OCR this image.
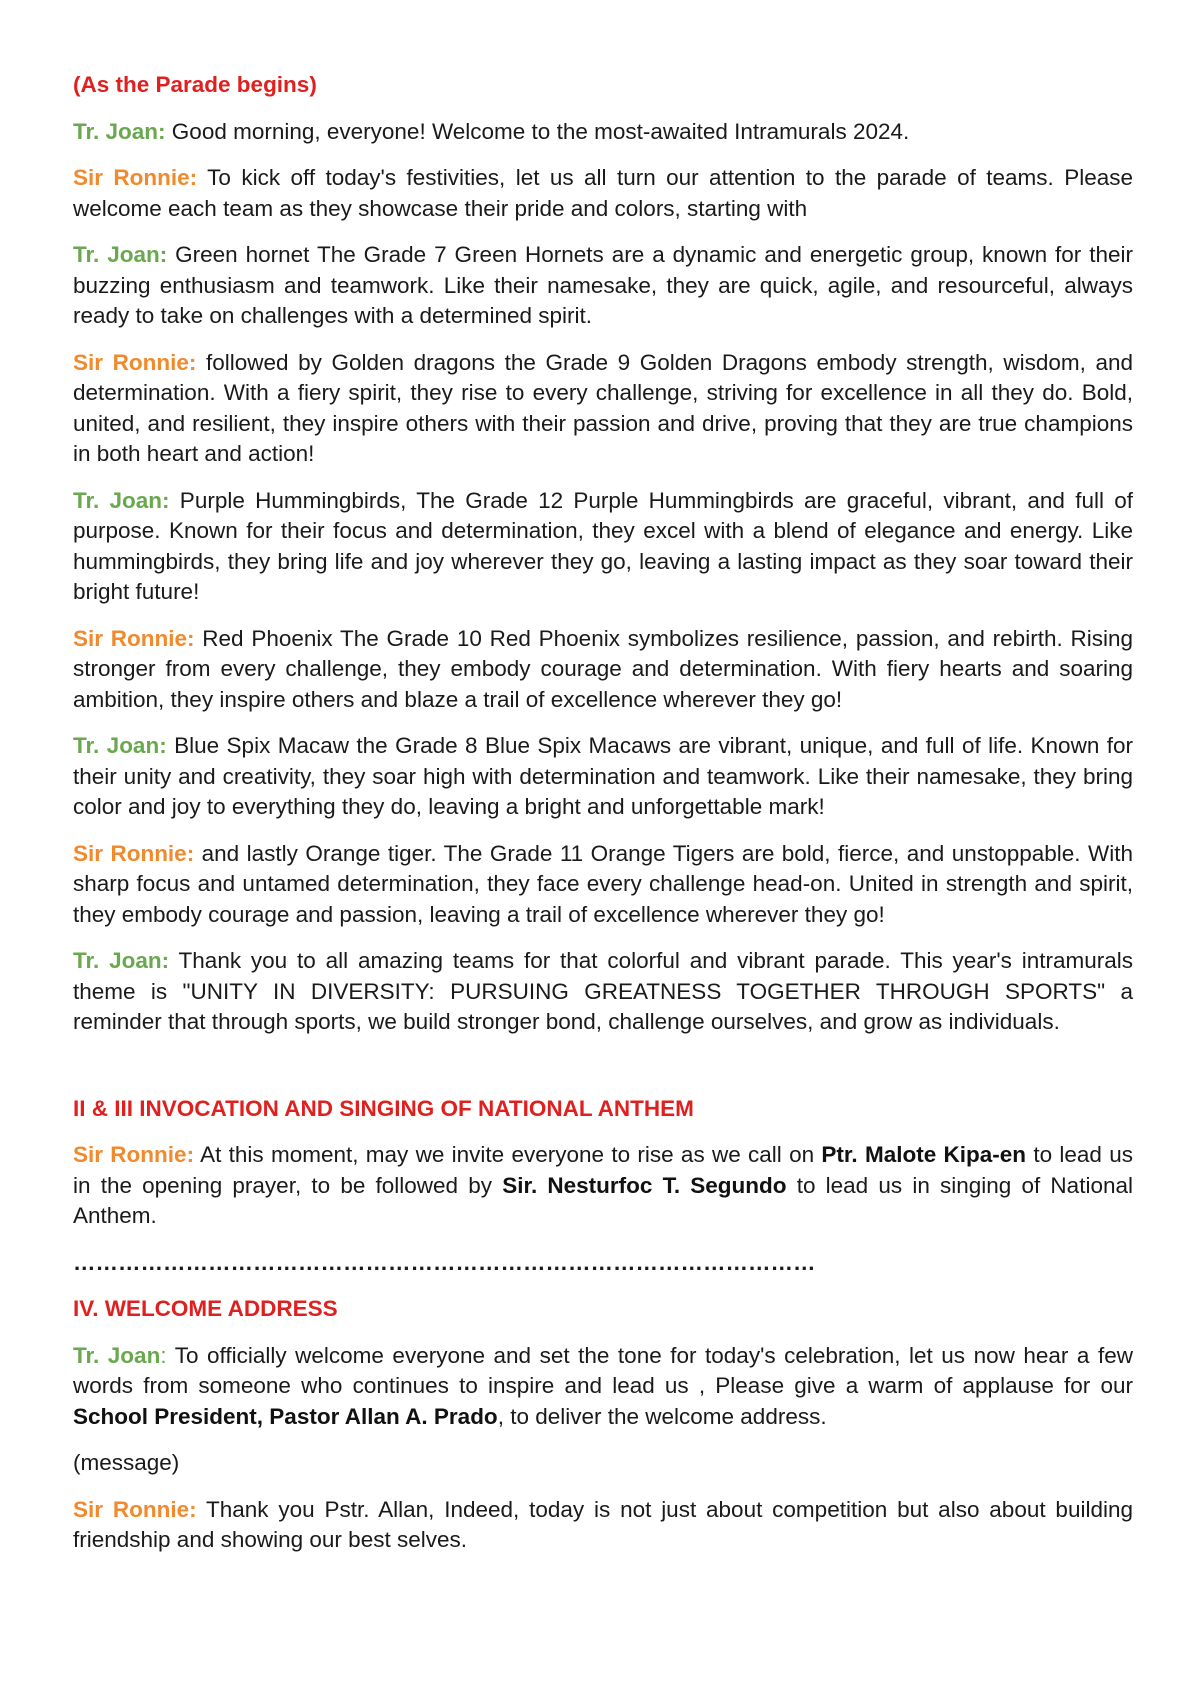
(As the Parade begins)

Tr. Joan: Good morning, everyone! Welcome to the most-awaited Intramurals 2024.

Sir Ronnie: To kick off today's festivities, let us all turn our attention to the parade of teams. Please welcome each team as they showcase their pride and colors, starting with

Tr. Joan: Green hornet The Grade 7 Green Hornets are a dynamic and energetic group, known for their buzzing enthusiasm and teamwork. Like their namesake, they are quick, agile, and resourceful, always ready to take on challenges with a determined spirit.

Sir Ronnie: followed by Golden dragons the Grade 9 Golden Dragons embody strength, wisdom, and determination. With a fiery spirit, they rise to every challenge, striving for excellence in all they do. Bold, united, and resilient, they inspire others with their passion and drive, proving that they are true champions in both heart and action!

Tr. Joan: Purple Hummingbirds, The Grade 12 Purple Hummingbirds are graceful, vibrant, and full of purpose. Known for their focus and determination, they excel with a blend of elegance and energy. Like hummingbirds, they bring life and joy wherever they go, leaving a lasting impact as they soar toward their bright future!

Sir Ronnie: Red Phoenix The Grade 10 Red Phoenix symbolizes resilience, passion, and rebirth. Rising stronger from every challenge, they embody courage and determination. With fiery hearts and soaring ambition, they inspire others and blaze a trail of excellence wherever they go!

Tr. Joan: Blue Spix Macaw the Grade 8 Blue Spix Macaws are vibrant, unique, and full of life. Known for their unity and creativity, they soar high with determination and teamwork. Like their namesake, they bring color and joy to everything they do, leaving a bright and unforgettable mark!

Sir Ronnie: and lastly Orange tiger. The Grade 11 Orange Tigers are bold, fierce, and unstoppable. With sharp focus and untamed determination, they face every challenge head-on. United in strength and spirit, they embody courage and passion, leaving a trail of excellence wherever they go!

Tr. Joan: Thank you to all amazing teams for that colorful and vibrant parade. This year's intramurals theme is "UNITY IN DIVERSITY: PURSUING GREATNESS TOGETHER THROUGH SPORTS" a reminder that through sports, we build stronger bond, challenge ourselves, and grow as individuals.

II & III INVOCATION AND SINGING OF NATIONAL ANTHEM

Sir Ronnie: At this moment, may we invite everyone to rise as we call on Ptr. Malote Kipa-en to lead us in the opening prayer, to be followed by Sir. Nesturfoc T. Segundo to lead us in singing of National Anthem.

………………………………………………………………………………………

IV. WELCOME ADDRESS

Tr. Joan: To officially welcome everyone and set the tone for today's celebration, let us now hear a few words from someone who continues to inspire and lead us , Please give a warm of applause for our School President, Pastor Allan A. Prado, to deliver the welcome address.

(message)

Sir Ronnie: Thank you Pstr. Allan, Indeed, today is not just about competition but also about building friendship and showing our best selves.
